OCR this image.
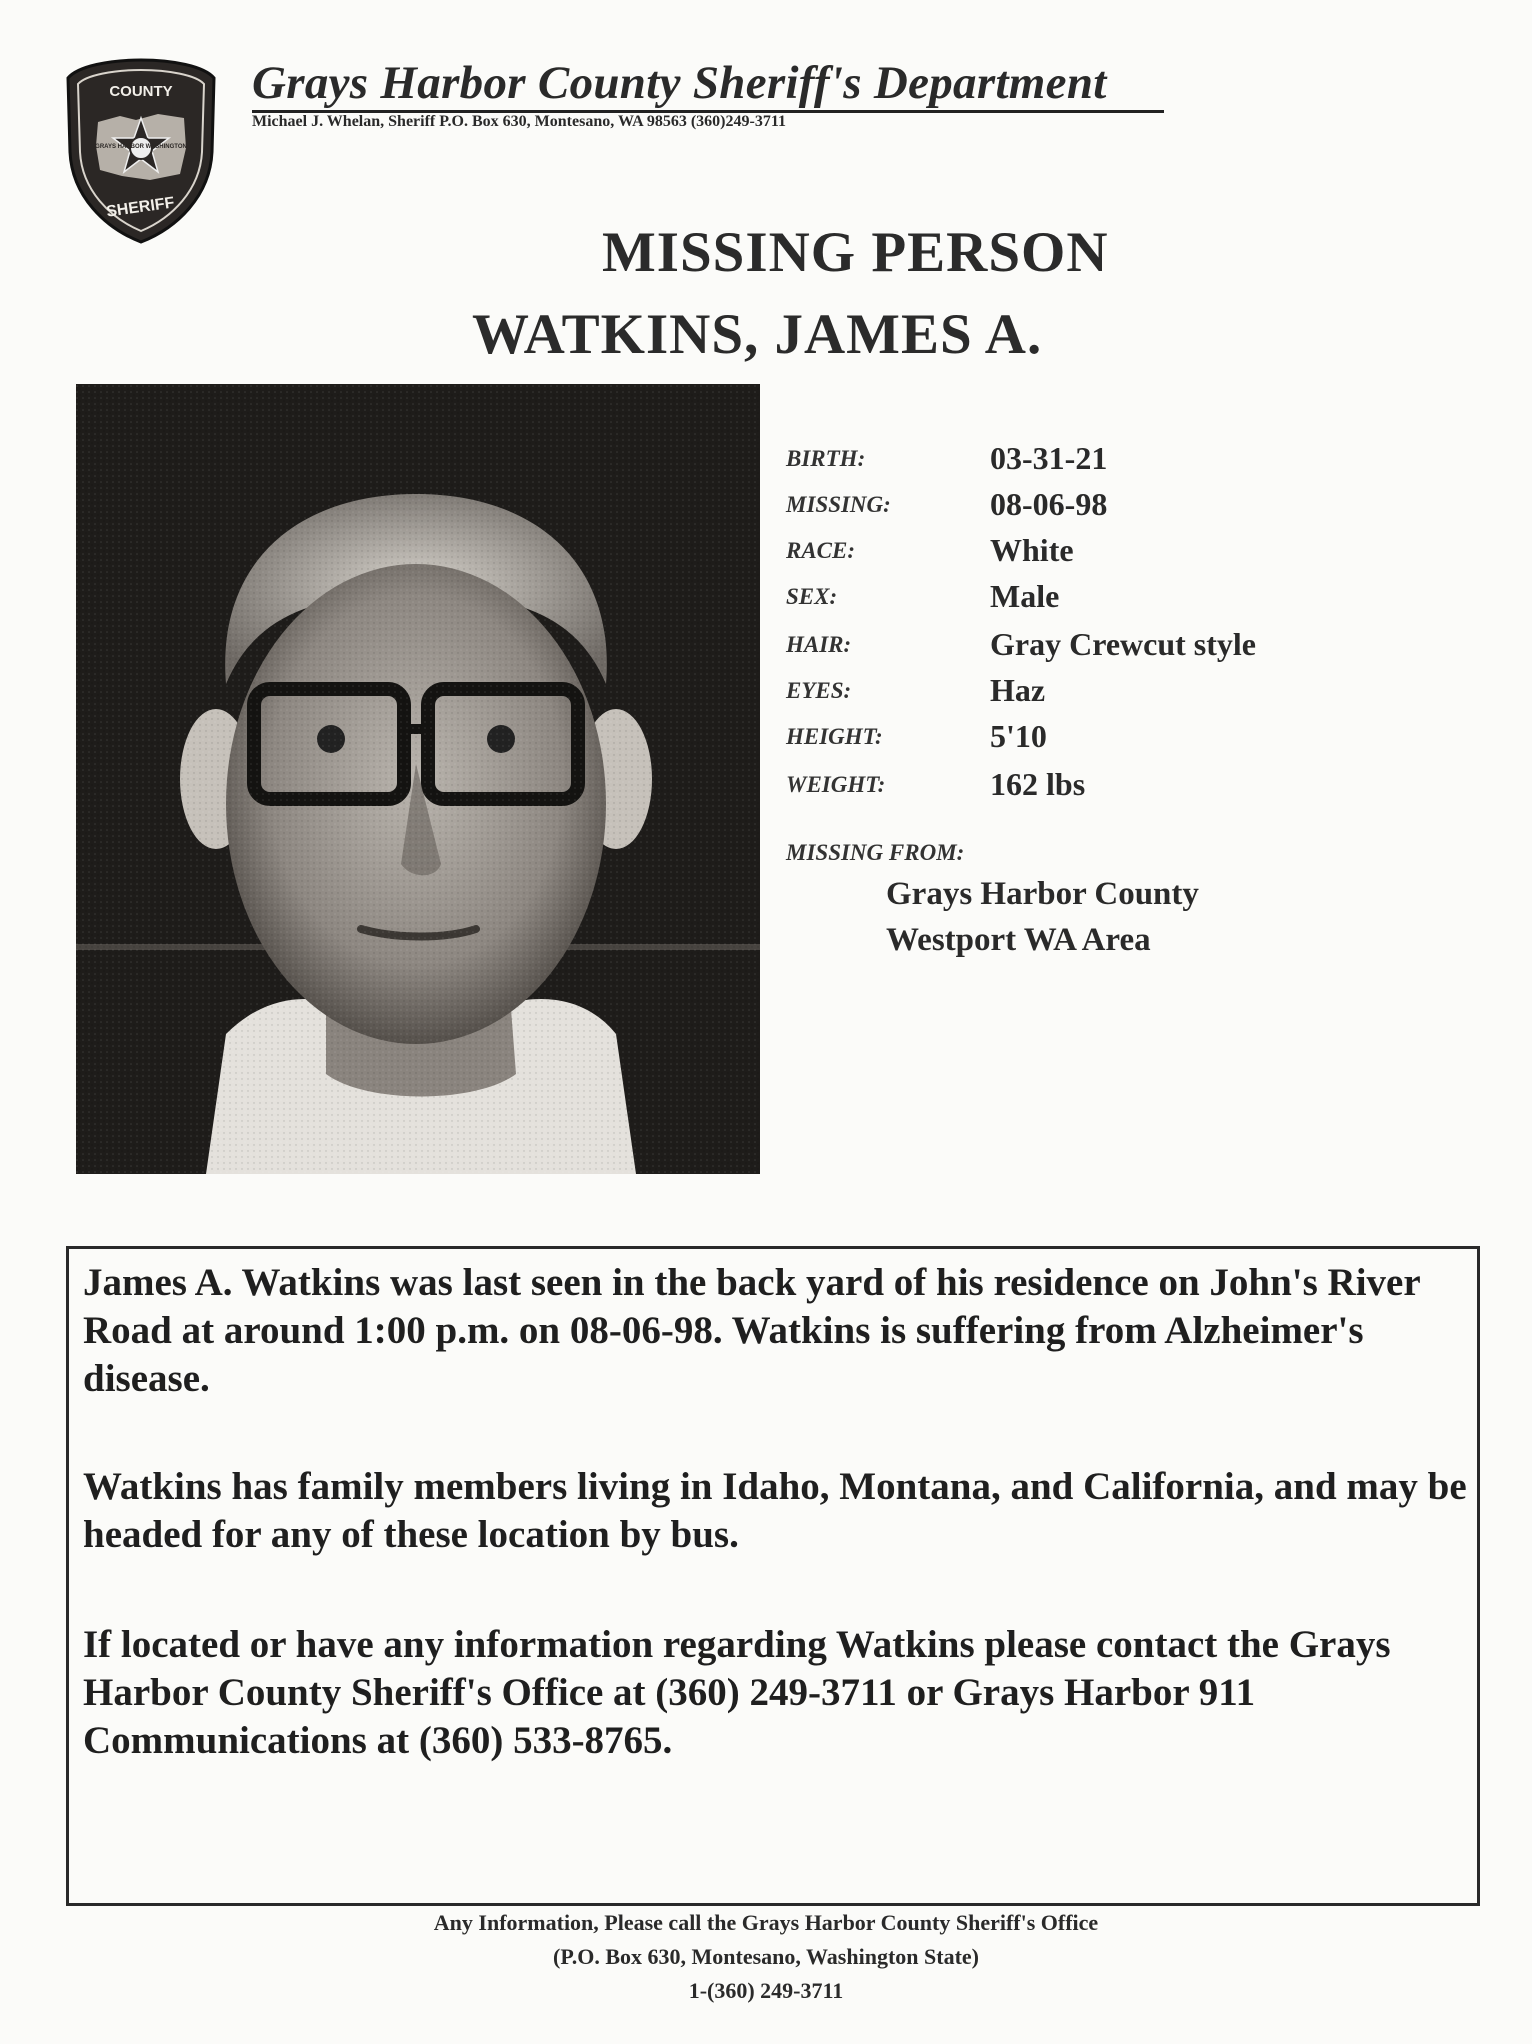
COUNTY
GRAYS HARBOR WASHINGTON
SHERIFF
Grays Harbor County Sheriff's Department
Michael J. Whelan, Sheriff P.O. Box 630, Montesano, WA 98563 (360)249-3711
MISSING PERSON
WATKINS, JAMES A.
BIRTH:	03-31-21
MISSING:	08-06-98
RACE:	White
SEX:	Male
HAIR:	Gray Crewcut style
EYES:	Haz
HEIGHT:	5'10
WEIGHT:	162 lbs
MISSING FROM:
Grays Harbor County
Westport WA Area
James A. Watkins was last seen in the back yard of his residence on John's River Road at around 1:00 p.m. on 08-06-98. Watkins is suffering from Alzheimer's disease.
Watkins has family members living in Idaho, Montana, and California, and may be headed for any of these location by bus.
If located or have any information regarding Watkins please contact the Grays Harbor County Sheriff's Office at (360) 249-3711 or Grays Harbor 911 Communications at (360) 533-8765.
Any Information, Please call the Grays Harbor County Sheriff's Office
(P.O. Box 630, Montesano, Washington State)
1-(360) 249-3711
